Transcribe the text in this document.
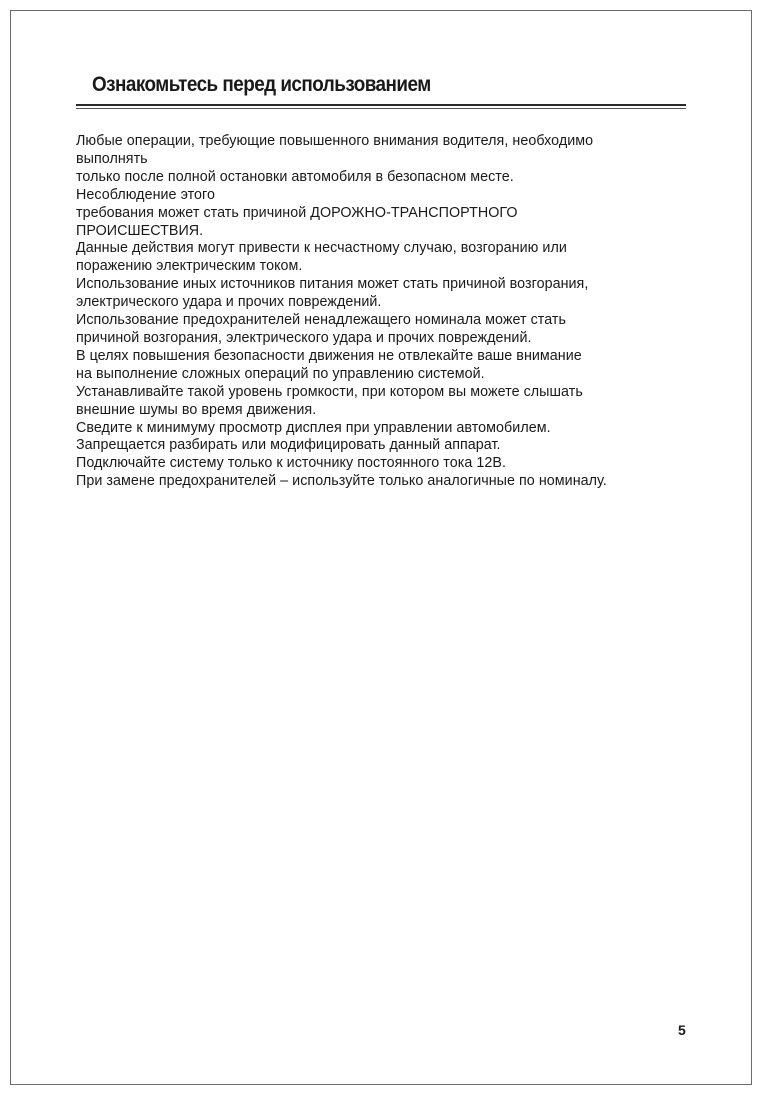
Ознакомьтесь перед использованием
Любые операции, требующие повышенного внимания водителя, необходимо
выполнять
только после полной остановки автомобиля в безопасном месте.
Несоблюдение этого
требования может стать причиной ДОРОЖНО-ТРАНСПОРТНОГО
ПРОИСШЕСТВИЯ.
Данные действия могут привести к несчастному случаю, возгоранию или
поражению электрическим током.
Использование иных источников питания может стать причиной возгорания,
электрического удара и прочих повреждений.
Использование предохранителей ненадлежащего номинала может стать
причиной возгорания, электрического удара и прочих повреждений.
В целях повышения безопасности движения не отвлекайте ваше внимание
на выполнение сложных операций по управлению системой.
Устанавливайте такой уровень громкости, при котором вы можете слышать
внешние шумы во время движения.
Сведите к минимуму просмотр дисплея при управлении автомобилем.
Запрещается разбирать или модифицировать данный аппарат.
Подключайте систему только к источнику постоянного тока 12В.
При замене предохранителей – используйте только аналогичные по номиналу.
5
